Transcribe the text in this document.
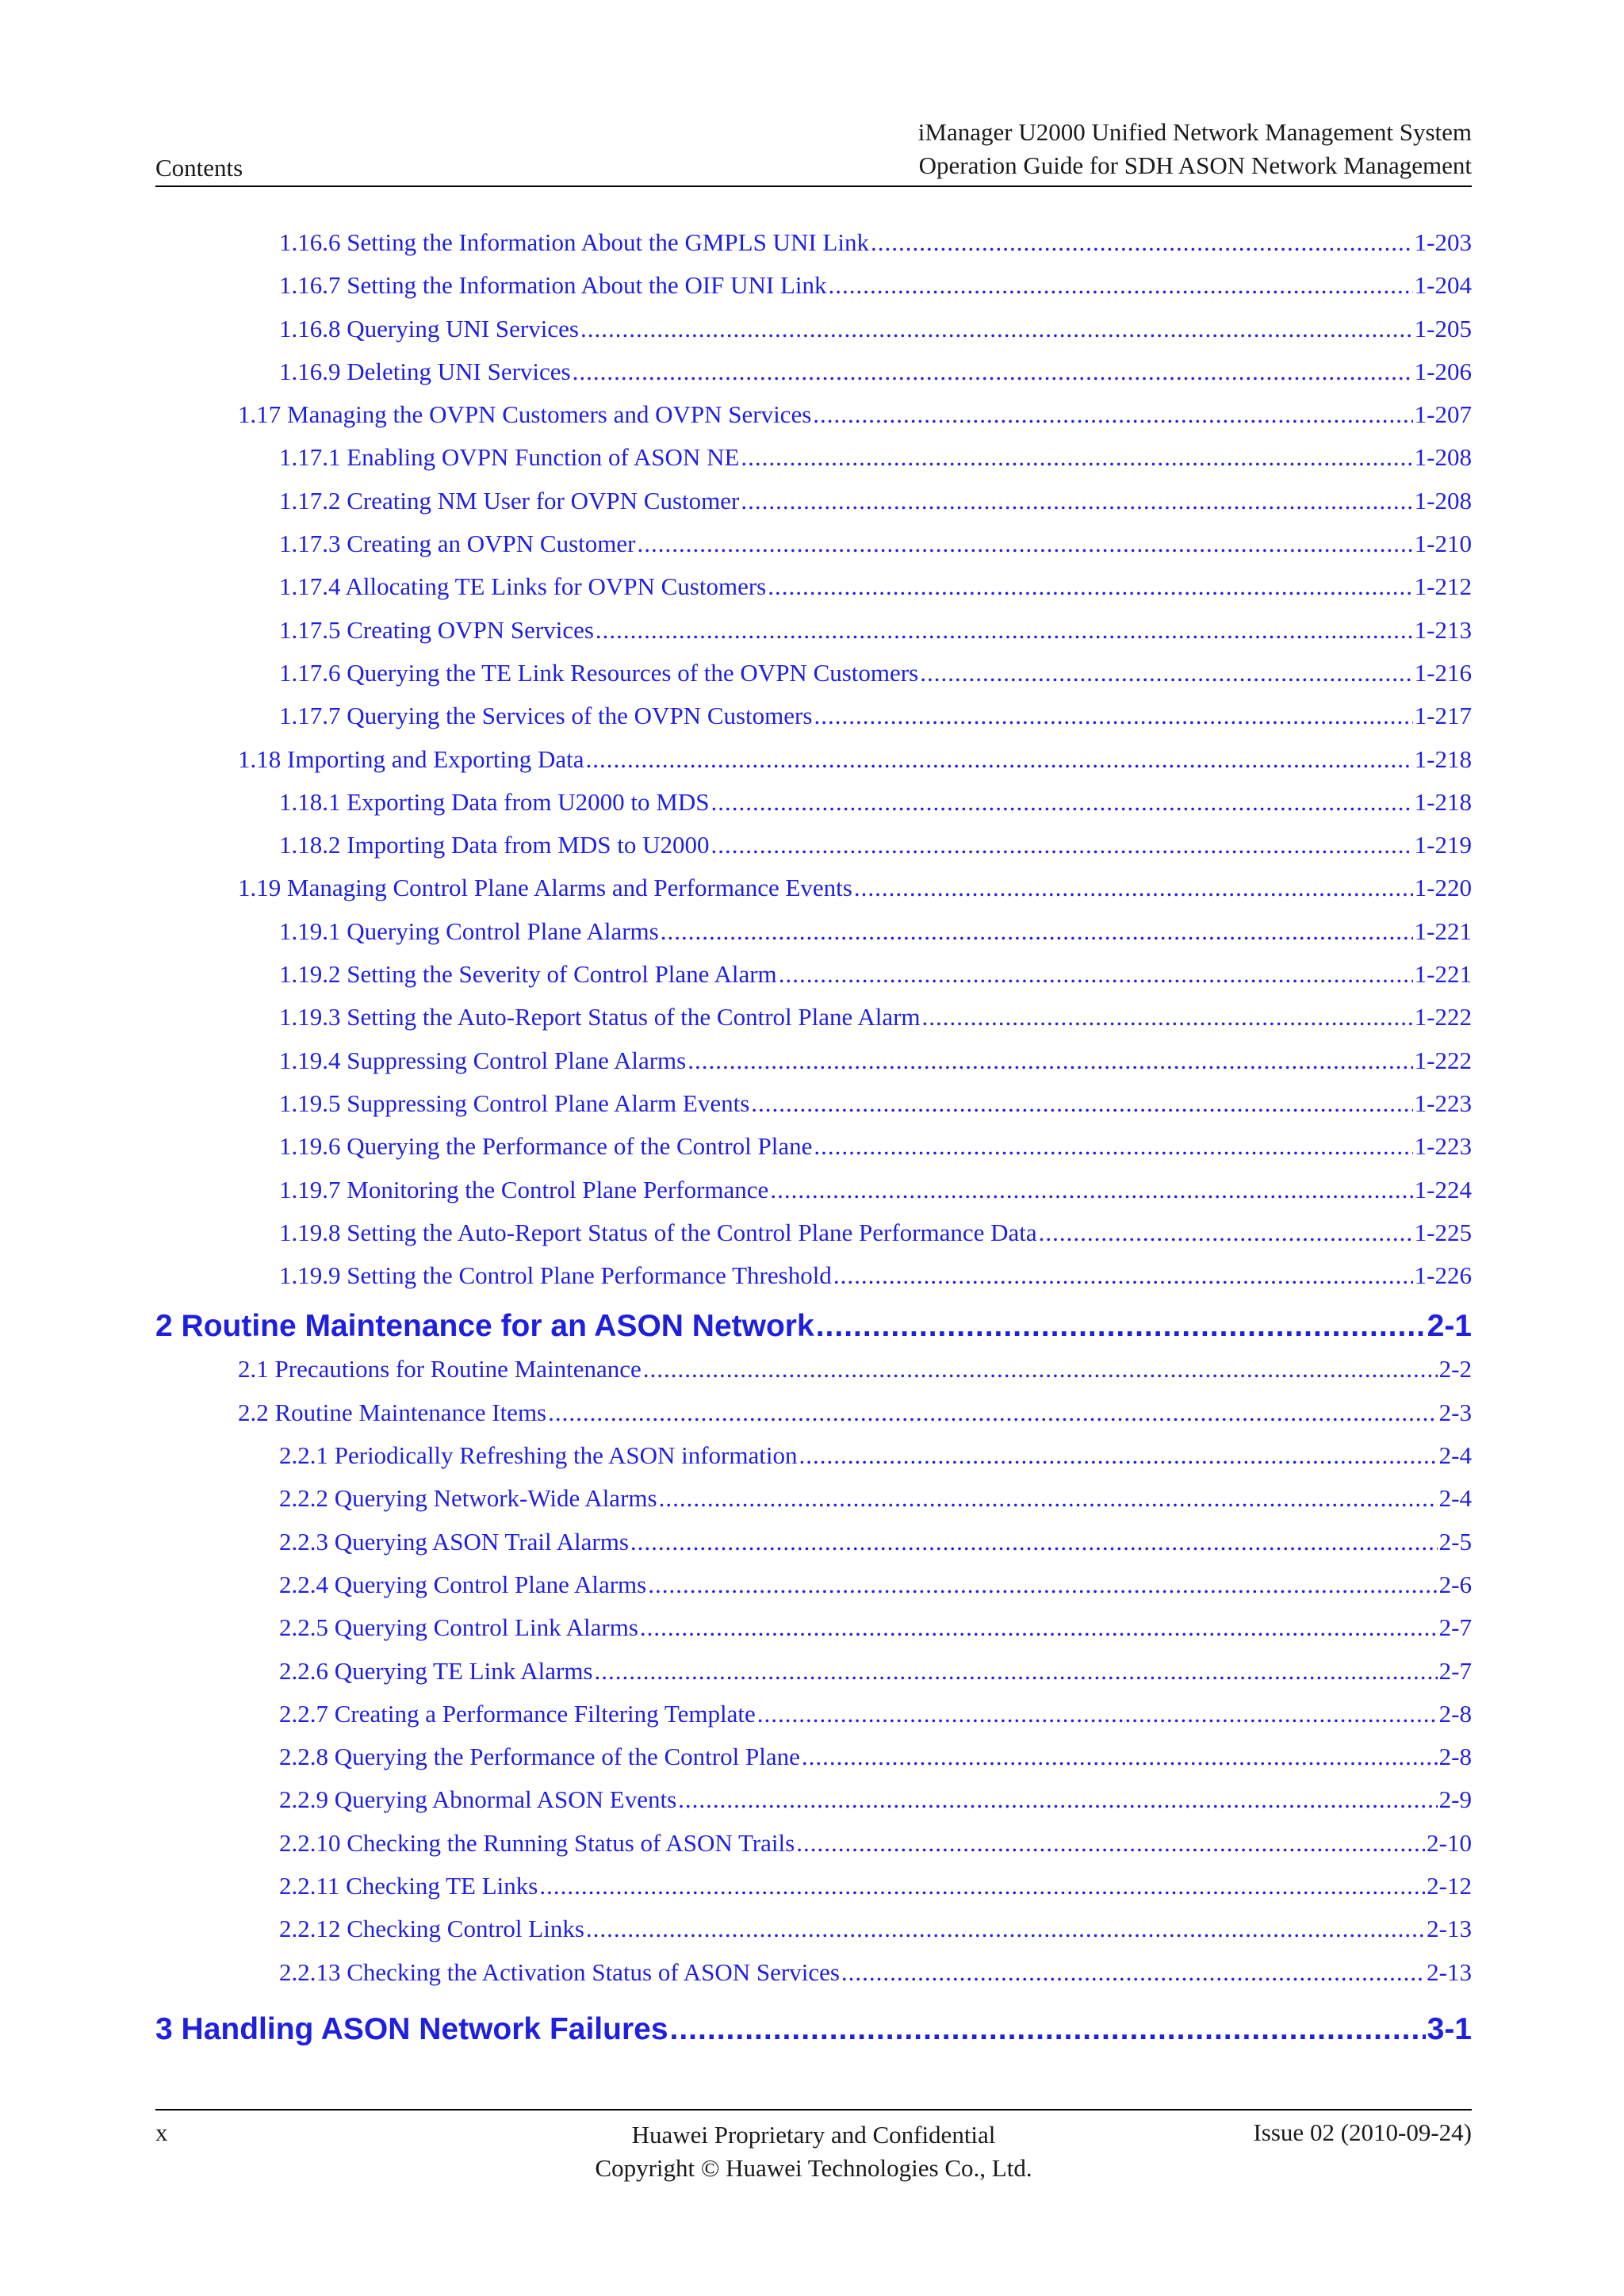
Contents
iManager U2000 Unified Network Management System
Operation Guide for SDH ASON Network Management
1.16.6 Setting the Information About the GMPLS UNI Link .....	1-203
1.16.7 Setting the Information About the OIF UNI Link .....	1-204
1.16.8 Querying UNI Services .....	1-205
1.16.9 Deleting UNI Services .....	1-206
1.17 Managing the OVPN Customers and OVPN Services .....	1-207
1.17.1 Enabling OVPN Function of ASON NE .....	1-208
1.17.2 Creating NM User for OVPN Customer .....	1-208
1.17.3 Creating an OVPN Customer .....	1-210
1.17.4 Allocating TE Links for OVPN Customers .....	1-212
1.17.5 Creating OVPN Services .....	1-213
1.17.6 Querying the TE Link Resources of the OVPN Customers .....	1-216
1.17.7 Querying the Services of the OVPN Customers .....	1-217
1.18 Importing and Exporting Data .....	1-218
1.18.1 Exporting Data from U2000 to MDS .....	1-218
1.18.2 Importing Data from MDS to U2000 .....	1-219
1.19 Managing Control Plane Alarms and Performance Events .....	1-220
1.19.1 Querying Control Plane Alarms .....	1-221
1.19.2 Setting the Severity of Control Plane Alarm .....	1-221
1.19.3 Setting the Auto-Report Status of the Control Plane Alarm .....	1-222
1.19.4 Suppressing Control Plane Alarms .....	1-222
1.19.5 Suppressing Control Plane Alarm Events .....	1-223
1.19.6 Querying the Performance of the Control Plane .....	1-223
1.19.7 Monitoring the Control Plane Performance .....	1-224
1.19.8 Setting the Auto-Report Status of the Control Plane Performance Data .....	1-225
1.19.9 Setting the Control Plane Performance Threshold .....	1-226
2 Routine Maintenance for an ASON Network .....	2-1
2.1 Precautions for Routine Maintenance .....	2-2
2.2 Routine Maintenance Items .....	2-3
2.2.1 Periodically Refreshing the ASON information .....	2-4
2.2.2 Querying Network-Wide Alarms .....	2-4
2.2.3 Querying ASON Trail Alarms .....	2-5
2.2.4 Querying Control Plane Alarms .....	2-6
2.2.5 Querying Control Link Alarms .....	2-7
2.2.6 Querying TE Link Alarms .....	2-7
2.2.7 Creating a Performance Filtering Template .....	2-8
2.2.8 Querying the Performance of the Control Plane .....	2-8
2.2.9 Querying Abnormal ASON Events .....	2-9
2.2.10 Checking the Running Status of ASON Trails .....	2-10
2.2.11 Checking TE Links .....	2-12
2.2.12 Checking Control Links .....	2-13
2.2.13 Checking the Activation Status of ASON Services .....	2-13
3 Handling ASON Network Failures .....	3-1
x	Huawei Proprietary and Confidential
Copyright © Huawei Technologies Co., Ltd.
Issue 02 (2010-09-24)
